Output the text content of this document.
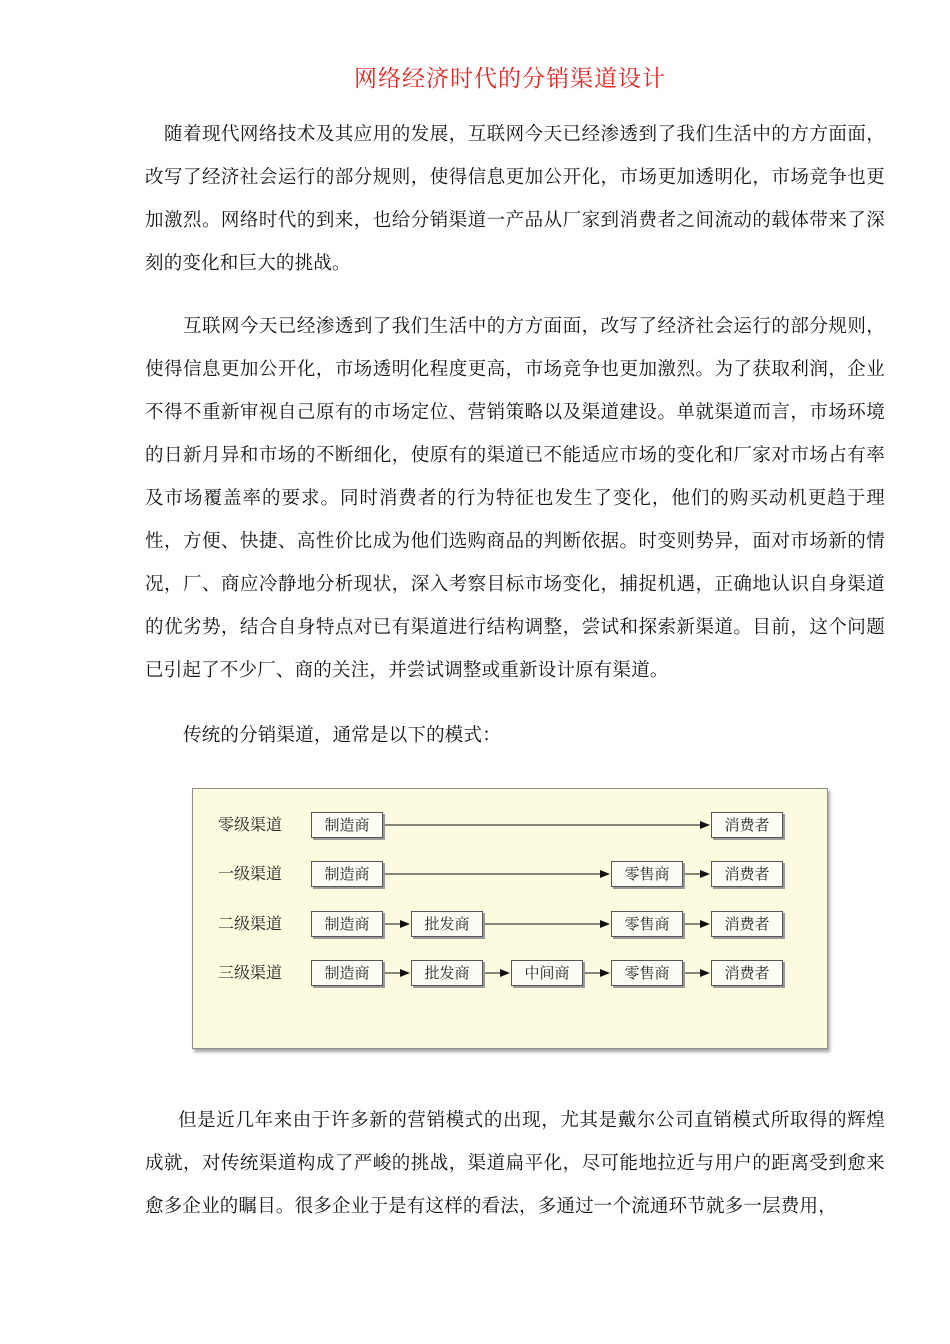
网络经济时代的分销渠道设计

随着现代网络技术及其应用的发展，互联网今天已经渗透到了我们生活中的方方面面，改写了经济社会运行的部分规则，使得信息更加公开化，市场更加透明化，市场竞争也更加激烈。网络时代的到来，也给分销渠道一产品从厂家到消费者之间流动的载体带来了深刻的变化和巨大的挑战。

互联网今天已经渗透到了我们生活中的方方面面，改写了经济社会运行的部分规则，使得信息更加公开化，市场透明化程度更高，市场竞争也更加激烈。为了获取利润，企业不得不重新审视自己原有的市场定位、营销策略以及渠道建设。单就渠道而言，市场环境的日新月异和市场的不断细化，使原有的渠道已不能适应市场的变化和厂家对市场占有率及市场覆盖率的要求。同时消费者的行为特征也发生了变化，他们的购买动机更趋于理性，方便、快捷、高性价比成为他们选购商品的判断依据。时变则势异，面对市场新的情况，厂、商应冷静地分析现状，深入考察目标市场变化，捕捉机遇，正确地认识自身渠道的优劣势，结合自身特点对已有渠道进行结构调整，尝试和探索新渠道。目前，这个问题已引起了不少厂、商的关注，并尝试调整或重新设计原有渠道。

传统的分销渠道，通常是以下的模式：

零级渠道	制造商	消费者
一级渠道	制造商	零售商	消费者
二级渠道	制造商	批发商	零售商	消费者
三级渠道	制造商	批发商	中间商	零售商	消费者

但是近几年来由于许多新的营销模式的出现，尤其是戴尔公司直销模式所取得的辉煌成就，对传统渠道构成了严峻的挑战，渠道扁平化，尽可能地拉近与用户的距离受到愈来愈多企业的瞩目。很多企业于是有这样的看法，多通过一个流通环节就多一层费用，
